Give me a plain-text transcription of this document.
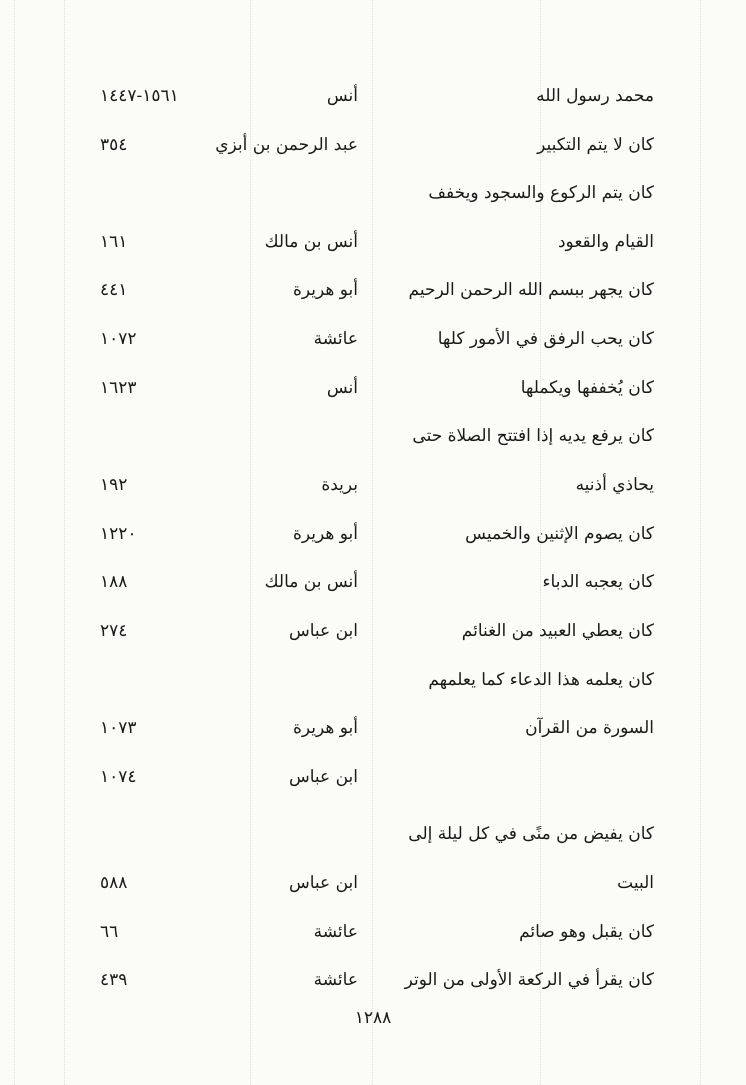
محمد رسول الله
أنس
١٥٦١-١٤٤٧
كان لا يتم التكبير
عبد الرحمن بن أبزي
٣٥٤
كان يتم الركوع والسجود ويخفف
القيام والقعود
أنس بن مالك
١٦١
كان يجهر ببسم الله الرحمن الرحيم
أبو هريرة
٤٤١
كان يحب الرفق في الأمور كلها
عائشة
١٠٧٢
كان يُخففها ويكملها
أنس
١٦٢٣
كان يرفع يديه إذا افتتح الصلاة حتى
يحاذي أذنيه
بريدة
١٩٢
كان يصوم الإثنين والخميس
أبو هريرة
١٢٢٠
كان يعجبه الدباء
أنس بن مالك
١٨٨
كان يعطي العبيد من الغنائم
ابن عباس
٢٧٤
كان يعلمه هذا الدعاء كما يعلمهم
السورة من القرآن
أبو هريرة
١٠٧٣
ابن عباس
١٠٧٤
كان يفيض من منًى في كل ليلة إلى
البيت
ابن عباس
٥٨٨
كان يقبل وهو صائم
عائشة
٦٦
كان يقرأ في الركعة الأولى من الوتر
عائشة
٤٣٩
١٢٨٨
